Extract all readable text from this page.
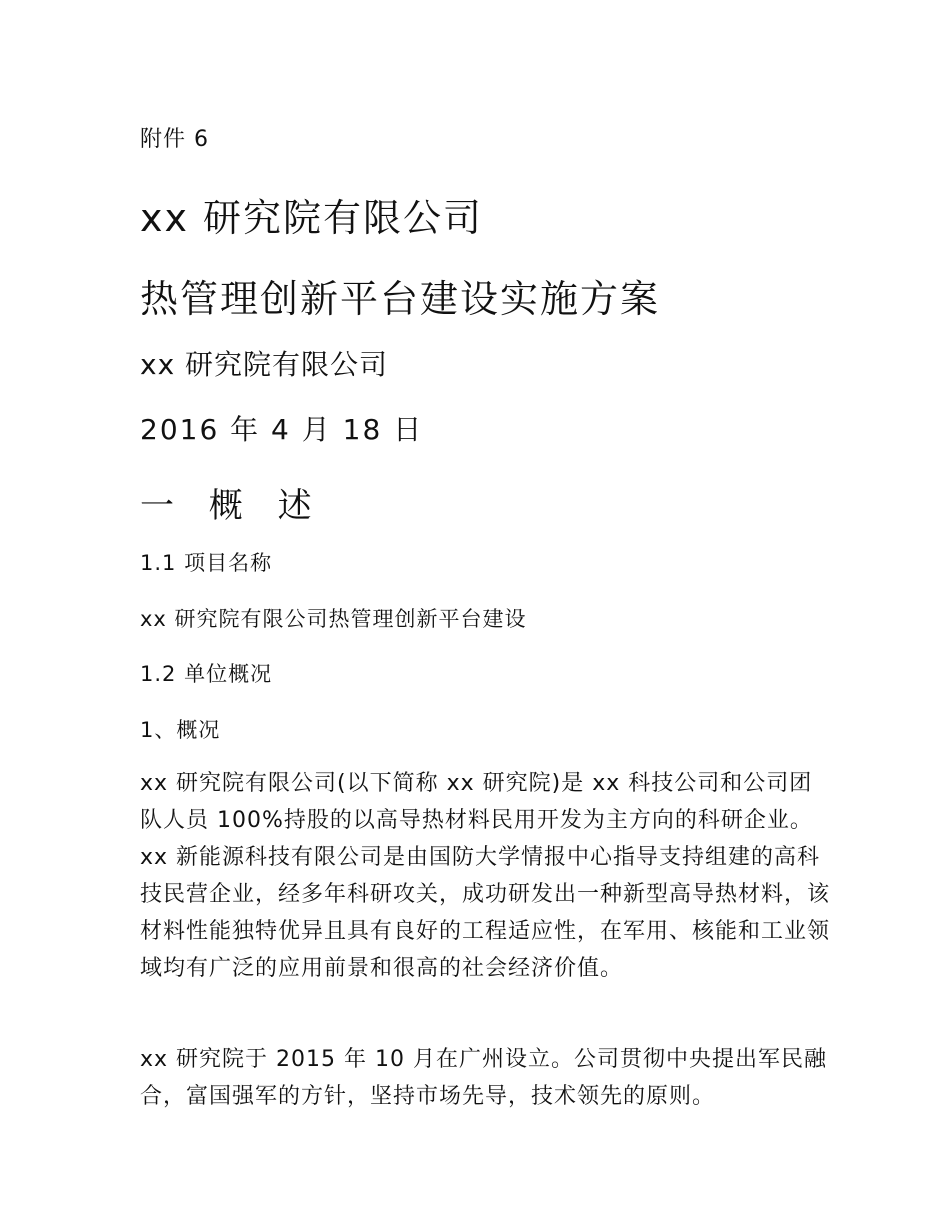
附件 6
xx 研究院有限公司
热管理创新平台建设实施方案
xx 研究院有限公司
2016 年 4 月 18 日
一 概 述
1.1 项目名称
xx 研究院有限公司热管理创新平台建设
1.2 单位概况
1、概况

xx 研究院有限公司(以下简称 xx 研究院)是 xx 科技公司和公司团队人员 100%持股的以高导热材料民用开发为主方向的科研企业。xx 新能源科技有限公司是由国防大学情报中心指导支持组建的高科技民营企业，经多年科研攻关，成功研发出一种新型高导热材料，该材料性能独特优异且具有良好的工程适应性，在军用、核能和工业领域均有广泛的应用前景和很高的社会经济价值。

xx 研究院于 2015 年 10 月在广州设立。公司贯彻中央提出军民融合，富国强军的方针，坚持市场先导，技术领先的原则。
